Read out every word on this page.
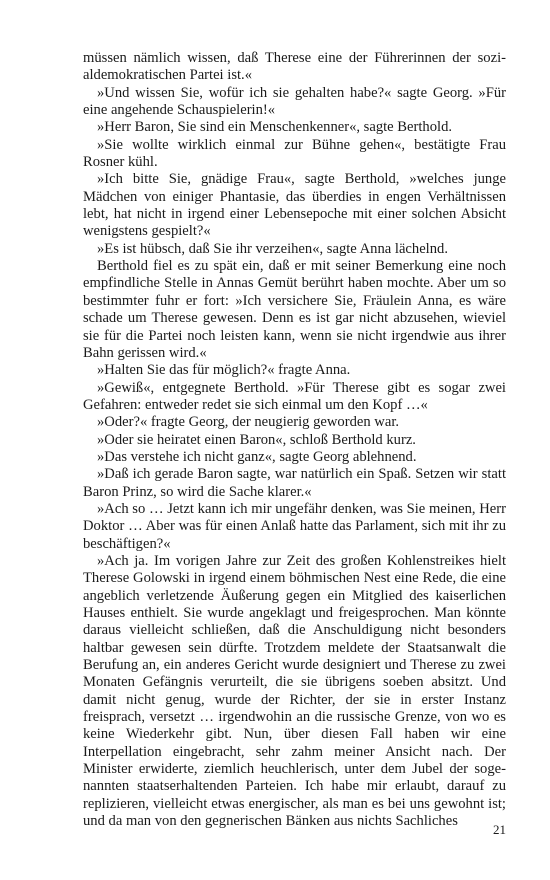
müssen nämlich wissen, daß Therese eine der Führerinnen der sozialdemokratischen Partei ist.«

»Und wissen Sie, wofür ich sie gehalten habe?« sagte Georg. »Für eine angehende Schauspielerin!«

»Herr Baron, Sie sind ein Menschenkenner«, sagte Berthold.

»Sie wollte wirklich einmal zur Bühne gehen«, bestätigte Frau Rosner kühl.

»Ich bitte Sie, gnädige Frau«, sagte Berthold, »welches junge Mädchen von einiger Phantasie, das überdies in engen Verhältnissen lebt, hat nicht in irgend einer Lebensepoche mit einer solchen Absicht wenigstens gespielt?«

»Es ist hübsch, daß Sie ihr verzeihen«, sagte Anna lächelnd.

Berthold fiel es zu spät ein, daß er mit seiner Bemerkung eine noch empfindliche Stelle in Annas Gemüt berührt haben mochte. Aber um so bestimmter fuhr er fort: »Ich versichere Sie, Fräulein Anna, es wäre schade um Therese gewesen. Denn es ist gar nicht abzusehen, wieviel sie für die Partei noch leisten kann, wenn sie nicht irgendwie aus ihrer Bahn gerissen wird.«

»Halten Sie das für möglich?« fragte Anna.

»Gewiß«, entgegnete Berthold. »Für Therese gibt es sogar zwei Gefahren: entweder redet sie sich einmal um den Kopf …«

»Oder?« fragte Georg, der neugierig geworden war.

»Oder sie heiratet einen Baron«, schloß Berthold kurz.

»Das verstehe ich nicht ganz«, sagte Georg ablehnend.

»Daß ich gerade Baron sagte, war natürlich ein Spaß. Setzen wir statt Baron Prinz, so wird die Sache klarer.«

»Ach so … Jetzt kann ich mir ungefähr denken, was Sie meinen, Herr Doktor … Aber was für einen Anlaß hatte das Parlament, sich mit ihr zu beschäftigen?«

»Ach ja. Im vorigen Jahre zur Zeit des großen Kohlenstreikes hielt Therese Golowski in irgend einem böhmischen Nest eine Rede, die eine angeblich verletzende Äußerung gegen ein Mitglied des kaiserlichen Hauses enthielt. Sie wurde angeklagt und freigesprochen. Man könnte daraus vielleicht schließen, daß die Anschuldigung nicht besonders haltbar gewesen sein dürfte. Trotzdem meldete der Staatsanwalt die Berufung an, ein anderes Gericht wurde designiert und Therese zu zwei Monaten Gefängnis verurteilt, die sie übrigens soeben absitzt. Und damit nicht genug, wurde der Richter, der sie in erster Instanz freisprach, versetzt … irgendwohin an die russische Grenze, von wo es keine Wiederkehr gibt. Nun, über diesen Fall haben wir eine Interpellation eingebracht, sehr zahm meiner Ansicht nach. Der Minister erwiderte, ziemlich heuchlerisch, unter dem Jubel der sogenannten staatserhaltenden Parteien. Ich habe mir erlaubt, darauf zu replizieren, vielleicht etwas energischer, als man es bei uns gewohnt ist; und da man von den gegnerischen Bänken aus nichts Sachliches

21
